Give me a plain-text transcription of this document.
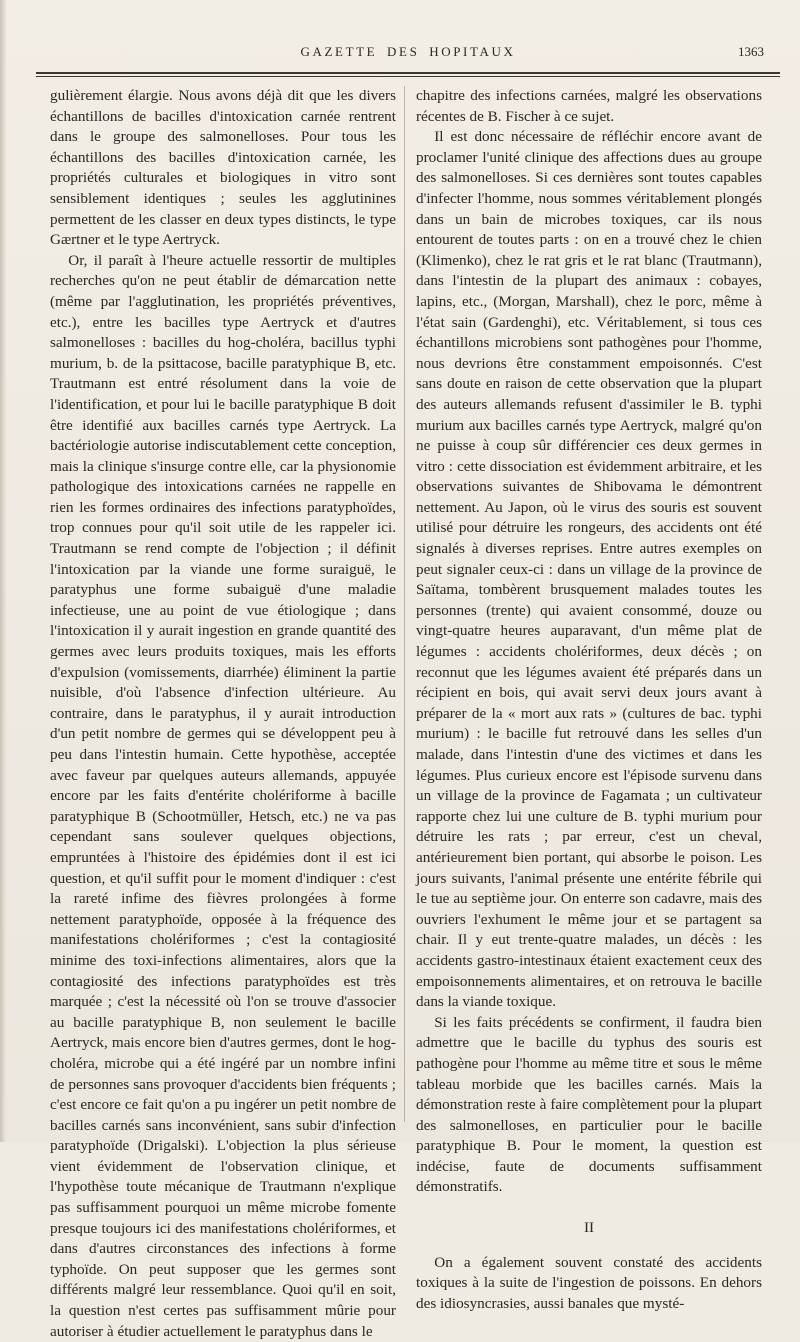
GAZETTE DES HOPITAUX	1363

gulièrement élargie. Nous avons déjà dit que les divers échantillons de bacilles d'intoxication carnée rentrent dans le groupe des salmonelloses. Pour tous les échantillons des bacilles d'intoxication carnée, les propriétés culturales et biologiques in vitro sont sensiblement identiques ; seules les agglutinines permettent de les classer en deux types distincts, le type Gærtner et le type Aertryck.

Or, il paraît à l'heure actuelle ressortir de multiples recherches qu'on ne peut établir de démarcation nette (même par l'agglutination, les propriétés préventives, etc.), entre les bacilles type Aertryck et d'autres salmonelloses : bacilles du hog-choléra, bacillus typhi murium, b. de la psittacose, bacille paratyphique B, etc. Trautmann est entré résolument dans la voie de l'identification, et pour lui le bacille paratyphique B doit être identifié aux bacilles carnés type Aertryck. La bactériologie autorise indiscutablement cette conception, mais la clinique s'insurge contre elle, car la physionomie pathologique des intoxications carnées ne rappelle en rien les formes ordinaires des infections paratyphoïdes, trop connues pour qu'il soit utile de les rappeler ici. Trautmann se rend compte de l'objection ; il définit l'intoxication par la viande une forme suraiguë, le paratyphus une forme subaiguë d'une maladie infectieuse, une au point de vue étiologique ; dans l'intoxication il y aurait ingestion en grande quantité des germes avec leurs produits toxiques, mais les efforts d'expulsion (vomissements, diarrhée) éliminent la partie nuisible, d'où l'absence d'infection ultérieure. Au contraire, dans le paratyphus, il y aurait introduction d'un petit nombre de germes qui se développent peu à peu dans l'intestin humain. Cette hypothèse, acceptée avec faveur par quelques auteurs allemands, appuyée encore par les faits d'entérite cholériforme à bacille paratyphique B (Schootmüller, Hetsch, etc.) ne va pas cependant sans soulever quelques objections, empruntées à l'histoire des épidémies dont il est ici question, et qu'il suffit pour le moment d'indiquer : c'est la rareté infime des fièvres prolongées à forme nettement paratyphoïde, opposée à la fréquence des manifestations cholériformes ; c'est la contagiosité minime des toxi-infections alimentaires, alors que la contagiosité des infections paratyphoïdes est très marquée ; c'est la nécessité où l'on se trouve d'associer au bacille paratyphique B, non seulement le bacille Aertryck, mais encore bien d'autres germes, dont le hog-choléra, microbe qui a été ingéré par un nombre infini de personnes sans provoquer d'accidents bien fréquents ; c'est encore ce fait qu'on a pu ingérer un petit nombre de bacilles carnés sans inconvénient, sans subir d'infection paratyphoïde (Drigalski). L'objection la plus sérieuse vient évidemment de l'observation clinique, et l'hypothèse toute mécanique de Trautmann n'explique pas suffisamment pourquoi un même microbe fomente presque toujours ici des manifestations cholériformes, et dans d'autres circonstances des infections à forme typhoïde. On peut supposer que les germes sont différents malgré leur ressemblance. Quoi qu'il en soit, la question n'est certes pas suffisamment mûrie pour autoriser à étudier actuellement le paratyphus dans le

chapitre des infections carnées, malgré les observations récentes de B. Fischer à ce sujet.

Il est donc nécessaire de réfléchir encore avant de proclamer l'unité clinique des affections dues au groupe des salmonelloses. Si ces dernières sont toutes capables d'infecter l'homme, nous sommes véritablement plongés dans un bain de microbes toxiques, car ils nous entourent de toutes parts : on en a trouvé chez le chien (Klimenko), chez le rat gris et le rat blanc (Trautmann), dans l'intestin de la plupart des animaux : cobayes, lapins, etc., (Morgan, Marshall), chez le porc, même à l'état sain (Gardenghi), etc. Véritablement, si tous ces échantillons microbiens sont pathogènes pour l'homme, nous devrions être constamment empoisonnés. C'est sans doute en raison de cette observation que la plupart des auteurs allemands refusent d'assimiler le B. typhi murium aux bacilles carnés type Aertryck, malgré qu'on ne puisse à coup sûr différencier ces deux germes in vitro : cette dissociation est évidemment arbitraire, et les observations suivantes de Shibovama le démontrent nettement. Au Japon, où le virus des souris est souvent utilisé pour détruire les rongeurs, des accidents ont été signalés à diverses reprises. Entre autres exemples on peut signaler ceux-ci : dans un village de la province de Saïtama, tombèrent brusquement malades toutes les personnes (trente) qui avaient consommé, douze ou vingt-quatre heures auparavant, d'un même plat de légumes : accidents cholériformes, deux décès ; on reconnut que les légumes avaient été préparés dans un récipient en bois, qui avait servi deux jours avant à préparer de la « mort aux rats » (cultures de bac. typhi murium) : le bacille fut retrouvé dans les selles d'un malade, dans l'intestin d'une des victimes et dans les légumes. Plus curieux encore est l'épisode survenu dans un village de la province de Fagamata ; un cultivateur rapporte chez lui une culture de B. typhi murium pour détruire les rats ; par erreur, c'est un cheval, antérieurement bien portant, qui absorbe le poison. Les jours suivants, l'animal présente une entérite fébrile qui le tue au septième jour. On enterre son cadavre, mais des ouvriers l'exhument le même jour et se partagent sa chair. Il y eut trente-quatre malades, un décès : les accidents gastro-intestinaux étaient exactement ceux des empoisonnements alimentaires, et on retrouva le bacille dans la viande toxique.

Si les faits précédents se confirment, il faudra bien admettre que le bacille du typhus des souris est pathogène pour l'homme au même titre et sous le même tableau morbide que les bacilles carnés. Mais la démonstration reste à faire complètement pour la plupart des salmonelloses, en particulier pour le bacille paratyphique B. Pour le moment, la question est indécise, faute de documents suffisamment démonstratifs.

II

On a également souvent constaté des accidents toxiques à la suite de l'ingestion de poissons. En dehors des idiosyncrasies, aussi banales que mysté-
